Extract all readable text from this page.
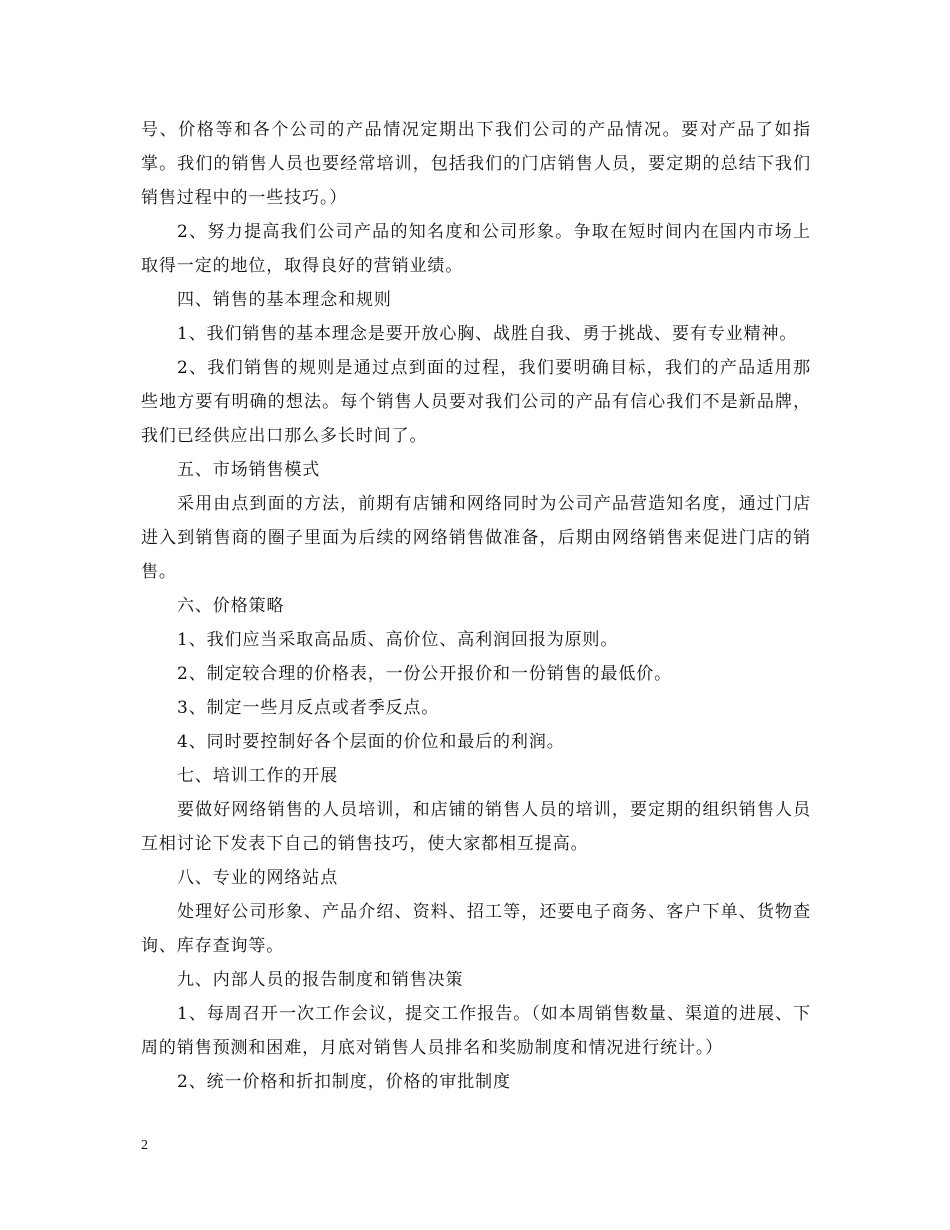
号、价格等和各个公司的产品情况定期出下我们公司的产品情况。要对产品了如指掌。我们的销售人员也要经常培训，包括我们的门店销售人员，要定期的总结下我们销售过程中的一些技巧。）

2、努力提高我们公司产品的知名度和公司形象。争取在短时间内在国内市场上取得一定的地位，取得良好的营销业绩。

四、销售的基本理念和规则

1、我们销售的基本理念是要开放心胸、战胜自我、勇于挑战、要有专业精神。

2、我们销售的规则是通过点到面的过程，我们要明确目标，我们的产品适用那些地方要有明确的想法。每个销售人员要对我们公司的产品有信心我们不是新品牌，我们已经供应出口那么多长时间了。

五、市场销售模式

采用由点到面的方法，前期有店铺和网络同时为公司产品营造知名度，通过门店进入到销售商的圈子里面为后续的网络销售做准备，后期由网络销售来促进门店的销售。

六、价格策略

1、我们应当采取高品质、高价位、高利润回报为原则。

2、制定较合理的价格表，一份公开报价和一份销售的最低价。

3、制定一些月反点或者季反点。

4、同时要控制好各个层面的价位和最后的利润。

七、培训工作的开展

要做好网络销售的人员培训，和店铺的销售人员的培训，要定期的组织销售人员互相讨论下发表下自己的销售技巧，使大家都相互提高。

八、专业的网络站点

处理好公司形象、产品介绍、资料、招工等，还要电子商务、客户下单、货物查询、库存查询等。

九、内部人员的报告制度和销售决策

1、每周召开一次工作会议，提交工作报告。（如本周销售数量、渠道的进展、下周的销售预测和困难，月底对销售人员排名和奖励制度和情况进行统计。）

2、统一价格和折扣制度，价格的审批制度

2
